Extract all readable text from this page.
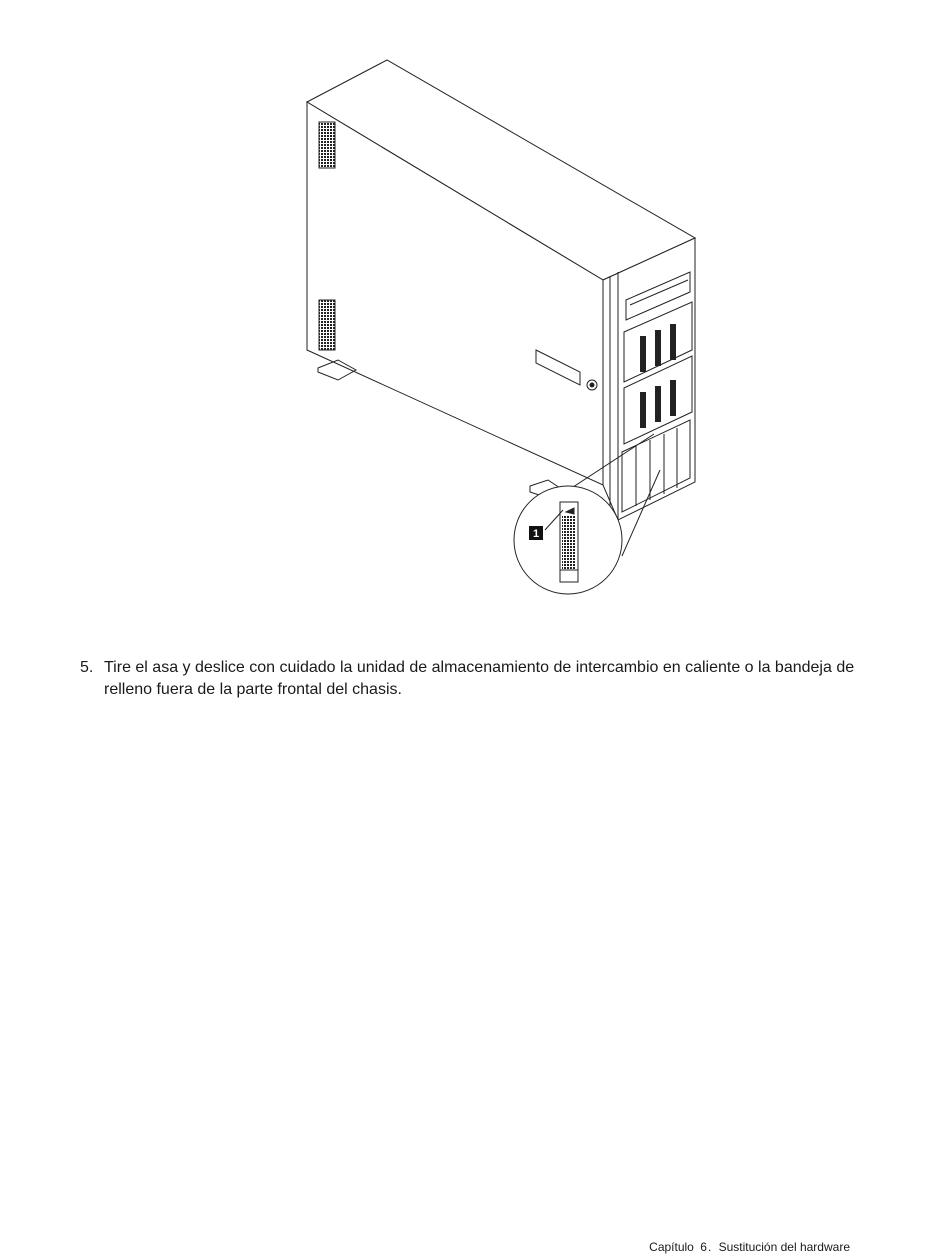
1
5. Tire el asa y deslice con cuidado la unidad de almacenamiento de intercambio en caliente o la bandeja de relleno fuera de la parte frontal del chasis.
Capítulo 6. Sustitución del hardware
